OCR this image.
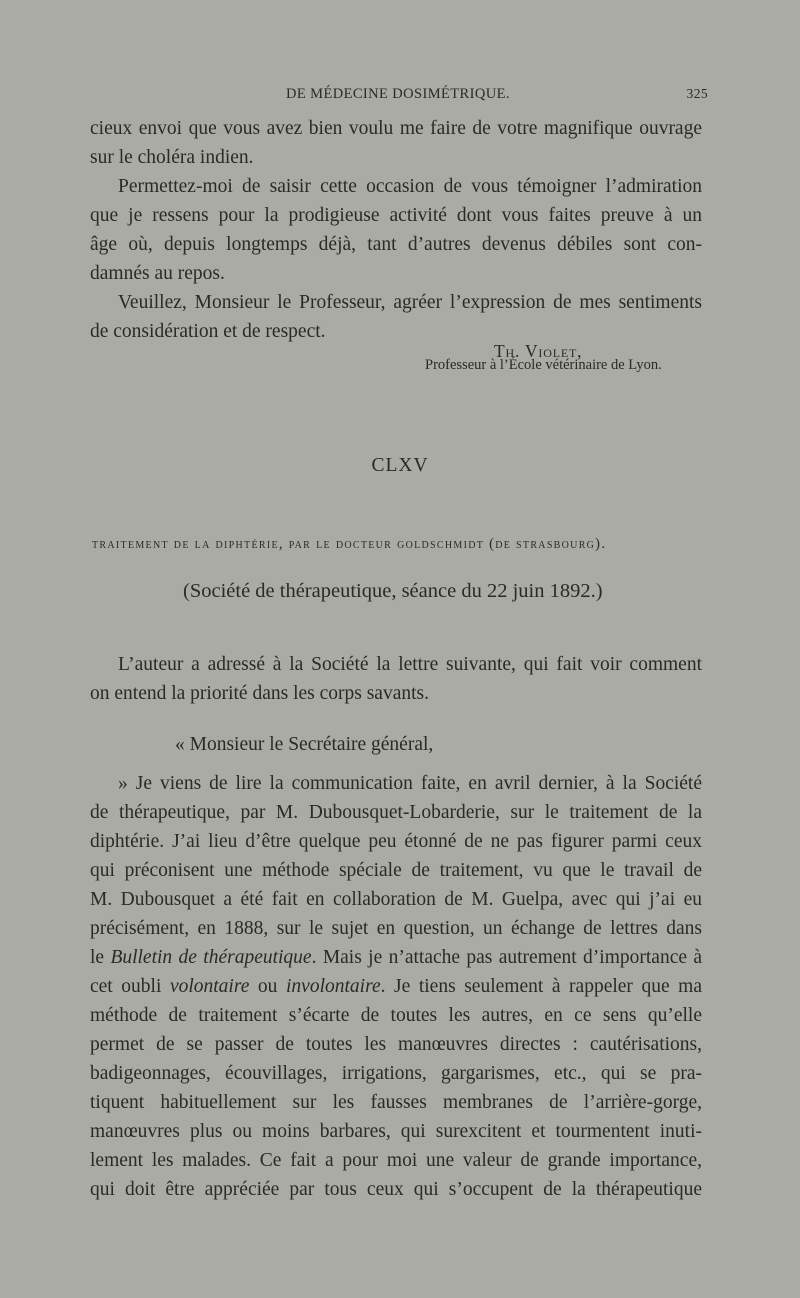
DE MÉDECINE DOSIMÉTRIQUE.	325
cieux envoi que vous avez bien voulu me faire de votre magnifique ouvrage
sur le choléra indien.
Permettez-moi de saisir cette occasion de vous témoigner l’admiration
que je ressens pour la prodigieuse activité dont vous faites preuve à un
âge où, depuis longtemps déjà, tant d’autres devenus débiles sont con-
damnés au repos.
Veuillez, Monsieur le Professeur, agréer l’expression de mes sentiments
de considération et de respect.
Th. Violet,
Professeur à l’École vétérinaire de Lyon.
CLXV
traitement de la diphtérie, par le docteur goldschmidt (de strasbourg).
(Société de thérapeutique, séance du 22 juin 1892.)
L’auteur a adressé à la Société la lettre suivante, qui fait voir comment
on entend la priorité dans les corps savants.
« Monsieur le Secrétaire général,
» Je viens de lire la communication faite, en avril dernier, à la Société
de thérapeutique, par M. Dubousquet-Lobarderie, sur le traitement de la
diphtérie. J’ai lieu d’être quelque peu étonné de ne pas figurer parmi ceux
qui préconisent une méthode spéciale de traitement, vu que le travail de
M. Dubousquet a été fait en collaboration de M. Guelpa, avec qui j’ai eu
précisément, en 1888, sur le sujet en question, un échange de lettres dans
le Bulletin de thérapeutique. Mais je n’attache pas autrement d’importance à
cet oubli volontaire ou involontaire. Je tiens seulement à rappeler que ma
méthode de traitement s’écarte de toutes les autres, en ce sens qu’elle
permet de se passer de toutes les manœuvres directes : cautérisations,
badigeonnages, écouvillages, irrigations, gargarismes, etc., qui se pra-
tiquent habituellement sur les fausses membranes de l’arrière-gorge,
manœuvres plus ou moins barbares, qui surexcitent et tourmentent inuti-
lement les malades. Ce fait a pour moi une valeur de grande importance,
qui doit être appréciée par tous ceux qui s’occupent de la thérapeutique
